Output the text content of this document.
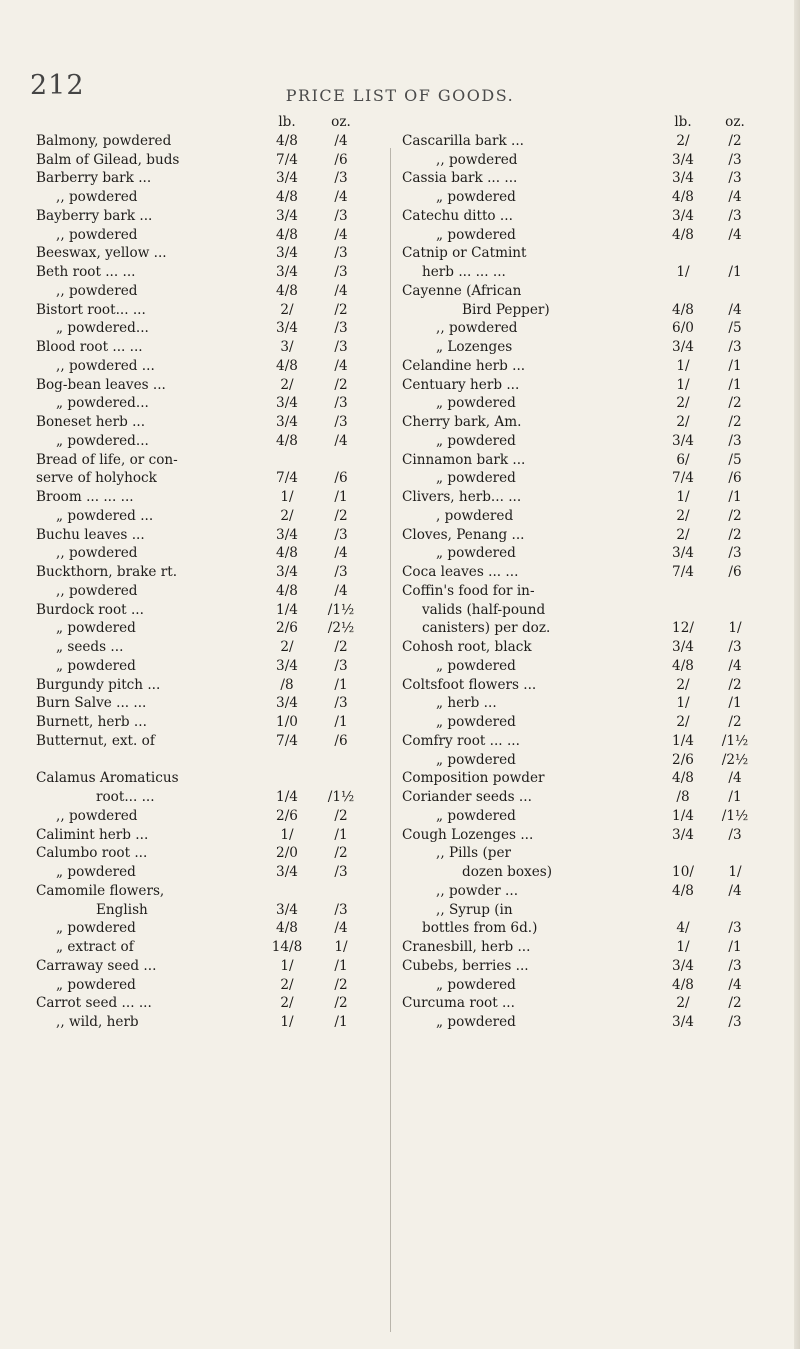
212	PRICE LIST OF GOODS.
lb.	oz.
Balmony, powdered	4/8	/4
Balm of Gilead, buds	7/4	/6
Barberry bark ...	3/4	/3
,, powdered	4/8	/4
Bayberry bark ...	3/4	/3
,, powdered	4/8	/4
Beeswax, yellow ...	3/4	/3
Beth root ... ...	3/4	/3
,, powdered	4/8	/4
Bistort root... ...	2/	/2
„ powdered...	3/4	/3
Blood root ... ...	3/	/3
,, powdered ...	4/8	/4
Bog-bean leaves ...	2/	/2
„ powdered...	3/4	/3
Boneset herb ...	3/4	/3
„ powdered...	4/8	/4
Bread of life, or con-
serve of holyhock	7/4	/6
Broom ... ... ...	1/	/1
„ powdered ...	2/	/2
Buchu leaves ...	3/4	/3
,, powdered	4/8	/4
Buckthorn, brake rt.	3/4	/3
,, powdered	4/8	/4
Burdock root ...	1/4	/1½
„ powdered	2/6	/2½
„ seeds ...	2/	/2
„ powdered	3/4	/3
Burgundy pitch ...	/8	/1
Burn Salve ... ...	3/4	/3
Burnett, herb ...	1/0	/1
Butternut, ext. of	7/4	/6
Calamus Aromaticus
root... ...	1/4	/1½
,, powdered	2/6	/2
Calimint herb ...	1/	/1
Calumbo root ...	2/0	/2
„ powdered	3/4	/3
Camomile flowers,
English	3/4	/3
„ powdered	4/8	/4
„ extract of	14/8	1/
Carraway seed ...	1/	/1
„ powdered	2/	/2
Carrot seed ... ...	2/	/2
,, wild, herb	1/	/1
lb.	oz.
Cascarilla bark ...	2/	/2
,, powdered	3/4	/3
Cassia bark ... ...	3/4	/3
„ powdered	4/8	/4
Catechu ditto ...	3/4	/3
„ powdered	4/8	/4
Catnip or Catmint
herb ... ... ...	1/	/1
Cayenne (African
Bird Pepper)	4/8	/4
,, powdered	6/0	/5
„ Lozenges	3/4	/3
Celandine herb ...	1/	/1
Centuary herb ...	1/	/1
„ powdered	2/	/2
Cherry bark, Am.	2/	/2
„ powdered	3/4	/3
Cinnamon bark ...	6/	/5
„ powdered	7/4	/6
Clivers, herb... ...	1/	/1
, powdered	2/	/2
Cloves, Penang ...	2/	/2
„ powdered	3/4	/3
Coca leaves ... ...	7/4	/6
Coffin's food for in-
valids (half-pound
canisters) per doz.	12/	1/
Cohosh root, black	3/4	/3
„ powdered	4/8	/4
Coltsfoot flowers ...	2/	/2
„ herb ...	1/	/1
„ powdered	2/	/2
Comfry root ... ...	1/4	/1½
„ powdered	2/6	/2½
Composition powder	4/8	/4
Coriander seeds ...	/8	/1
„ powdered	1/4	/1½
Cough Lozenges ...	3/4	/3
,, Pills (per
dozen boxes)	10/	1/
,, powder ...	4/8	/4
,, Syrup (in
bottles from 6d.)	4/	/3
Cranesbill, herb ...	1/	/1
Cubebs, berries ...	3/4	/3
„ powdered	4/8	/4
Curcuma root ...	2/	/2
„ powdered	3/4	/3
